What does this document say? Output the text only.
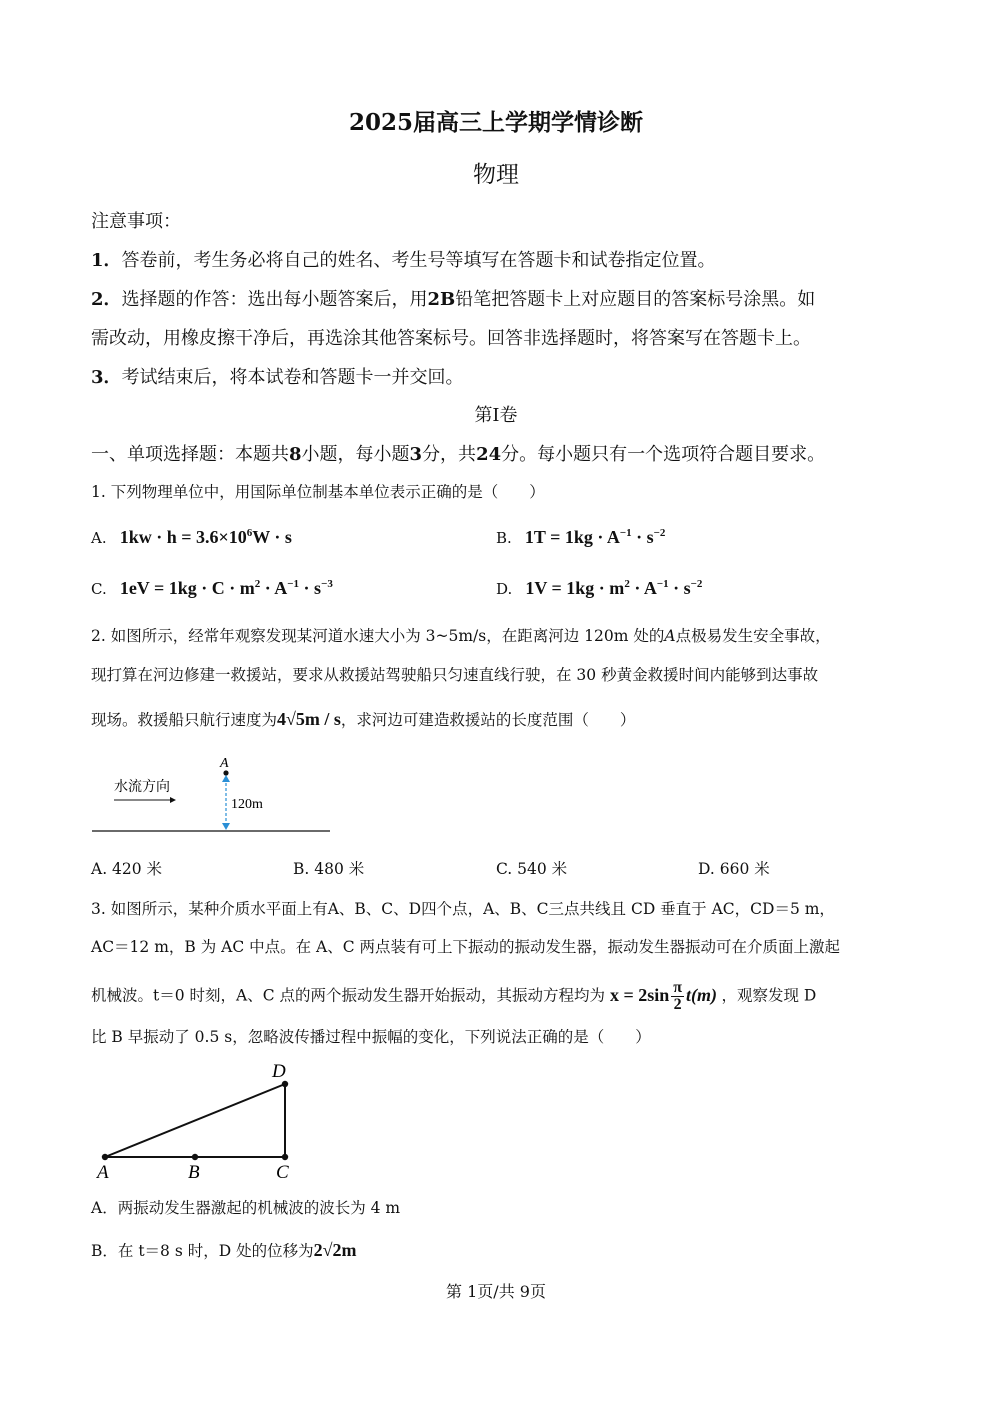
2025届高三上学期学情诊断
物理
注意事项：
1．答卷前，考生务必将自己的姓名、考生号等填写在答题卡和试卷指定位置。
2．选择题的作答：选出每小题答案后，用2B铅笔把答题卡上对应题目的答案标号涂黑。如
需改动，用橡皮擦干净后，再选涂其他答案标号。回答非选择题时，将答案写在答题卡上。
3．考试结束后，将本试卷和答题卡一并交回。
第Ⅰ卷
一、单项选择题：本题共8小题，每小题3分，共24分。每小题只有一个选项符合题目要求。
1. 下列物理单位中，用国际单位制基本单位表示正确的是（　　）
A. $1kw \cdot h = 3.6\times 10^6W \cdot s$	B. $1T = 1kg \cdot A^{-1} \cdot s^{-2}$
C. $1eV = 1kg \cdot C \cdot m^2 \cdot A^{-1} \cdot s^{-3}$	D. $1V = 1kg \cdot m^2 \cdot A^{-1} \cdot s^{-2}$
2. 如图所示，经常年观察发现某河道水速大小为 3~5m/s，在距离河边 120m 处的A点极易发生安全事故，
现打算在河边修建一救援站，要求从救援站驾驶船只匀速直线行驶，在 30 秒黄金救援时间内能够到达事故
现场。救援船只航行速度为4√5m / s，求河边可建造救援站的长度范围（　　）
A
120m
水流方向
A. 420 米	B. 480 米	C. 540 米	D. 660 米
3. 如图所示，某种介质水平面上有A、B、C、D四个点，A、B、C三点共线且 CD 垂直于 AC，CD＝5 m，
AC＝12 m，B 为 AC 中点。在 A、C 两点装有可上下振动的振动发生器，振动发生器振动可在介质面上激起
机械波。t＝0 时刻，A、C 点的两个振动发生器开始振动，其振动方程均为 $x = 2\sin \frac{\pi}{2} t(m)$ ，观察发现 D
比 B 早振动了 0.5 s，忽略波传播过程中振幅的变化，下列说法正确的是（　　）
D
A	B	C
A．两振动发生器激起的机械波的波长为 4 m
B．在 t＝8 s 时，D 处的位移为2√2m
第 1页/共 9页
